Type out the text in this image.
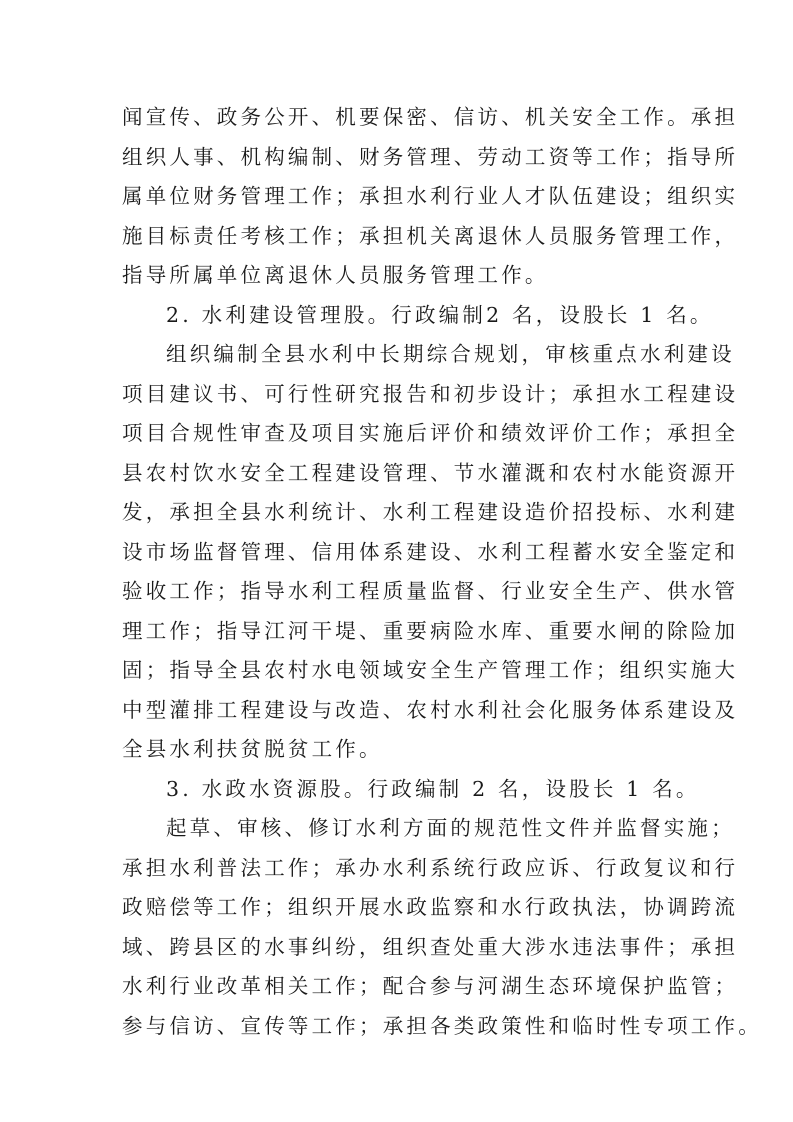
闻宣传、政务公开、机要保密、信访、机关安全工作。承担
组织人事、机构编制、财务管理、劳动工资等工作；指导所
属单位财务管理工作；承担水利行业人才队伍建设；组织实
施目标责任考核工作；承担机关离退休人员服务管理工作，
指导所属单位离退休人员服务管理工作。
2. 水利建设管理股。行政编制2 名，设股长 1 名。
组织编制全县水利中长期综合规划，审核重点水利建设
项目建议书、可行性研究报告和初步设计；承担水工程建设
项目合规性审查及项目实施后评价和绩效评价工作；承担全
县农村饮水安全工程建设管理、节水灌溉和农村水能资源开
发，承担全县水利统计、水利工程建设造价招投标、水利建
设市场监督管理、信用体系建设、水利工程蓄水安全鉴定和
验收工作；指导水利工程质量监督、行业安全生产、供水管
理工作；指导江河干堤、重要病险水库、重要水闸的除险加
固；指导全县农村水电领域安全生产管理工作；组织实施大
中型灌排工程建设与改造、农村水利社会化服务体系建设及
全县水利扶贫脱贫工作。
3. 水政水资源股。行政编制 2 名，设股长 1 名。
起草、审核、修订水利方面的规范性文件并监督实施；
承担水利普法工作；承办水利系统行政应诉、行政复议和行
政赔偿等工作；组织开展水政监察和水行政执法，协调跨流
域、跨县区的水事纠纷，组织查处重大涉水违法事件；承担
水利行业改革相关工作；配合参与河湖生态环境保护监管；
参与信访、宣传等工作；承担各类政策性和临时性专项工作。
